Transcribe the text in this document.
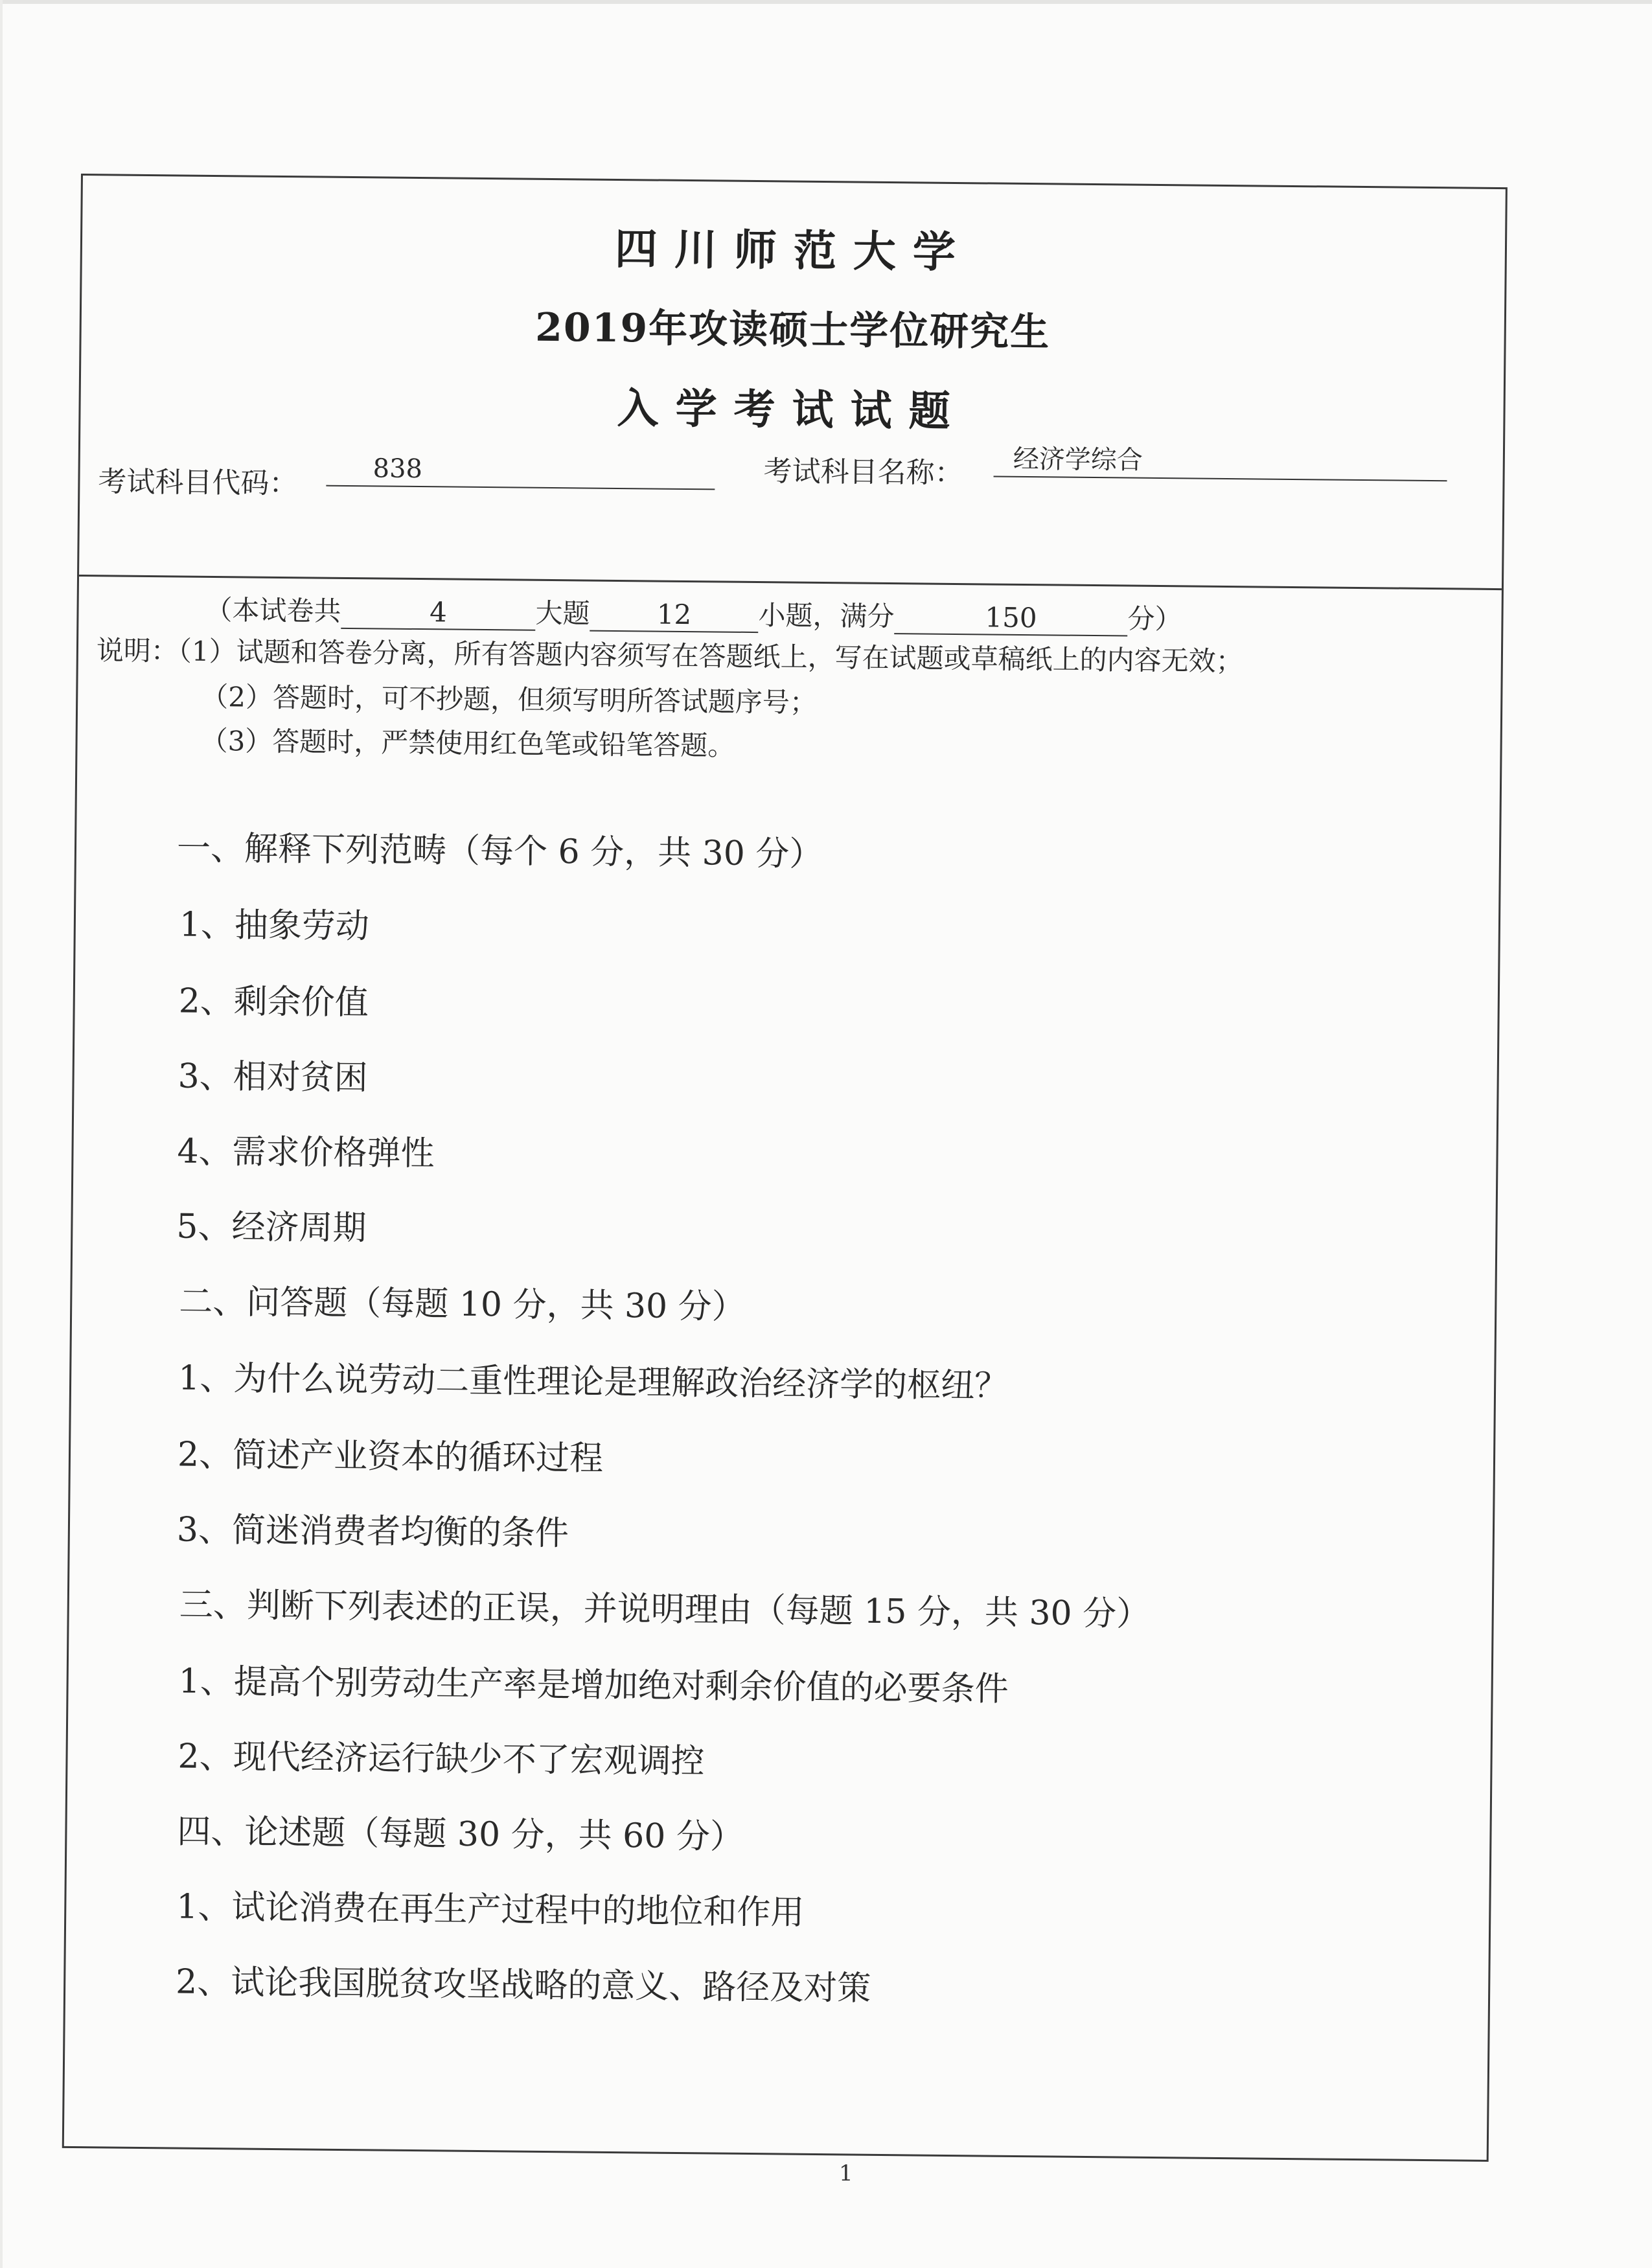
四川师范大学
2019年攻读硕士学位研究生
入学考试试题
考试科目代码：	838	考试科目名称：	经济学综合
（本试卷共	4	大题 12 小题，满分	150	分）
说明：（1）试题和答卷分离，所有答题内容须写在答题纸上，写在试题或草稿纸上的内容无效；
（2）答题时，可不抄题，但须写明所答试题序号；
（3）答题时，严禁使用红色笔或铅笔答题。
一、解释下列范畴（每个 6 分，共 30 分）
1、抽象劳动
2、剩余价值
3、相对贫困
4、需求价格弹性
5、经济周期
二、问答题（每题 10 分，共 30 分）
1、为什么说劳动二重性理论是理解政治经济学的枢纽？
2、简述产业资本的循环过程
3、简迷消费者均衡的条件
三、判断下列表述的正误，并说明理由（每题 15 分，共 30 分）
1、提高个别劳动生产率是增加绝对剩余价值的必要条件
2、现代经济运行缺少不了宏观调控
四、论述题（每题 30 分，共 60 分）
1、试论消费在再生产过程中的地位和作用
2、试论我国脱贫攻坚战略的意义、路径及对策
1
